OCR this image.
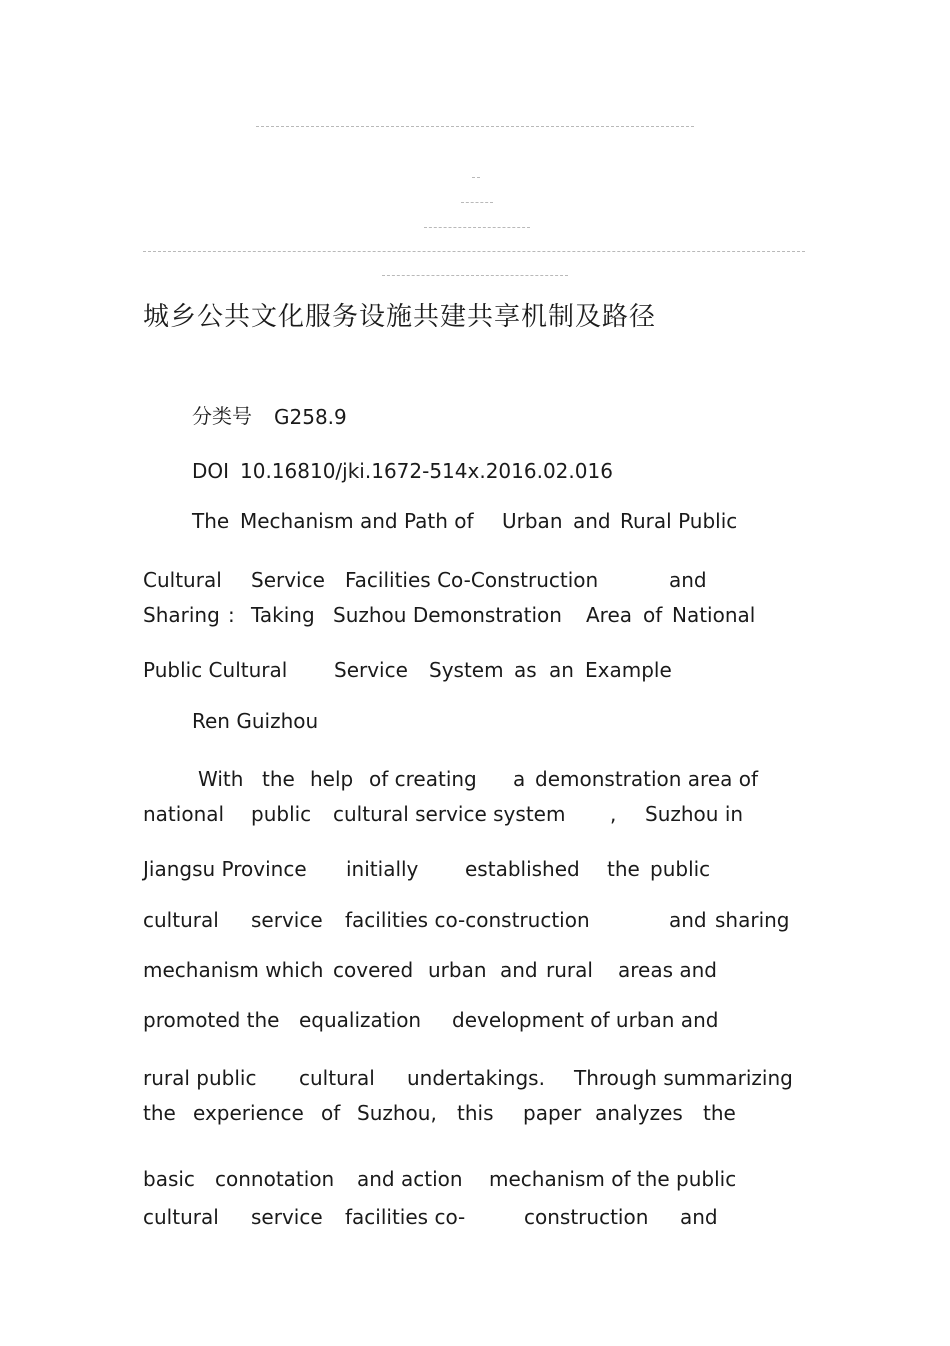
城乡公共文化服务设施共建共享机制及路径
分类号 G258.9
DOI 10.16810/jki.1672-514x.2016.02.016
The Mechanism and Path of Urban and Rural Public
Cultural Service Facilities Co-Construction	and
Sharing : Taking Suzhou Demonstration Area of National
Public Cultural Service System as an Example
Ren Guizhou
With the help of creating a demonstration area of
national public cultural service system , Suzhou in
Jiangsu Province initially established the public
cultural service facilities co-construction	and sharing
mechanism which covered urban and rural areas and
promoted the equalization development of urban and
rural public cultural undertakings. Through summarizing
the experience of Suzhou, this paper analyzes the
basic connotation and action mechanism of the public
cultural service facilities co-	construction and
